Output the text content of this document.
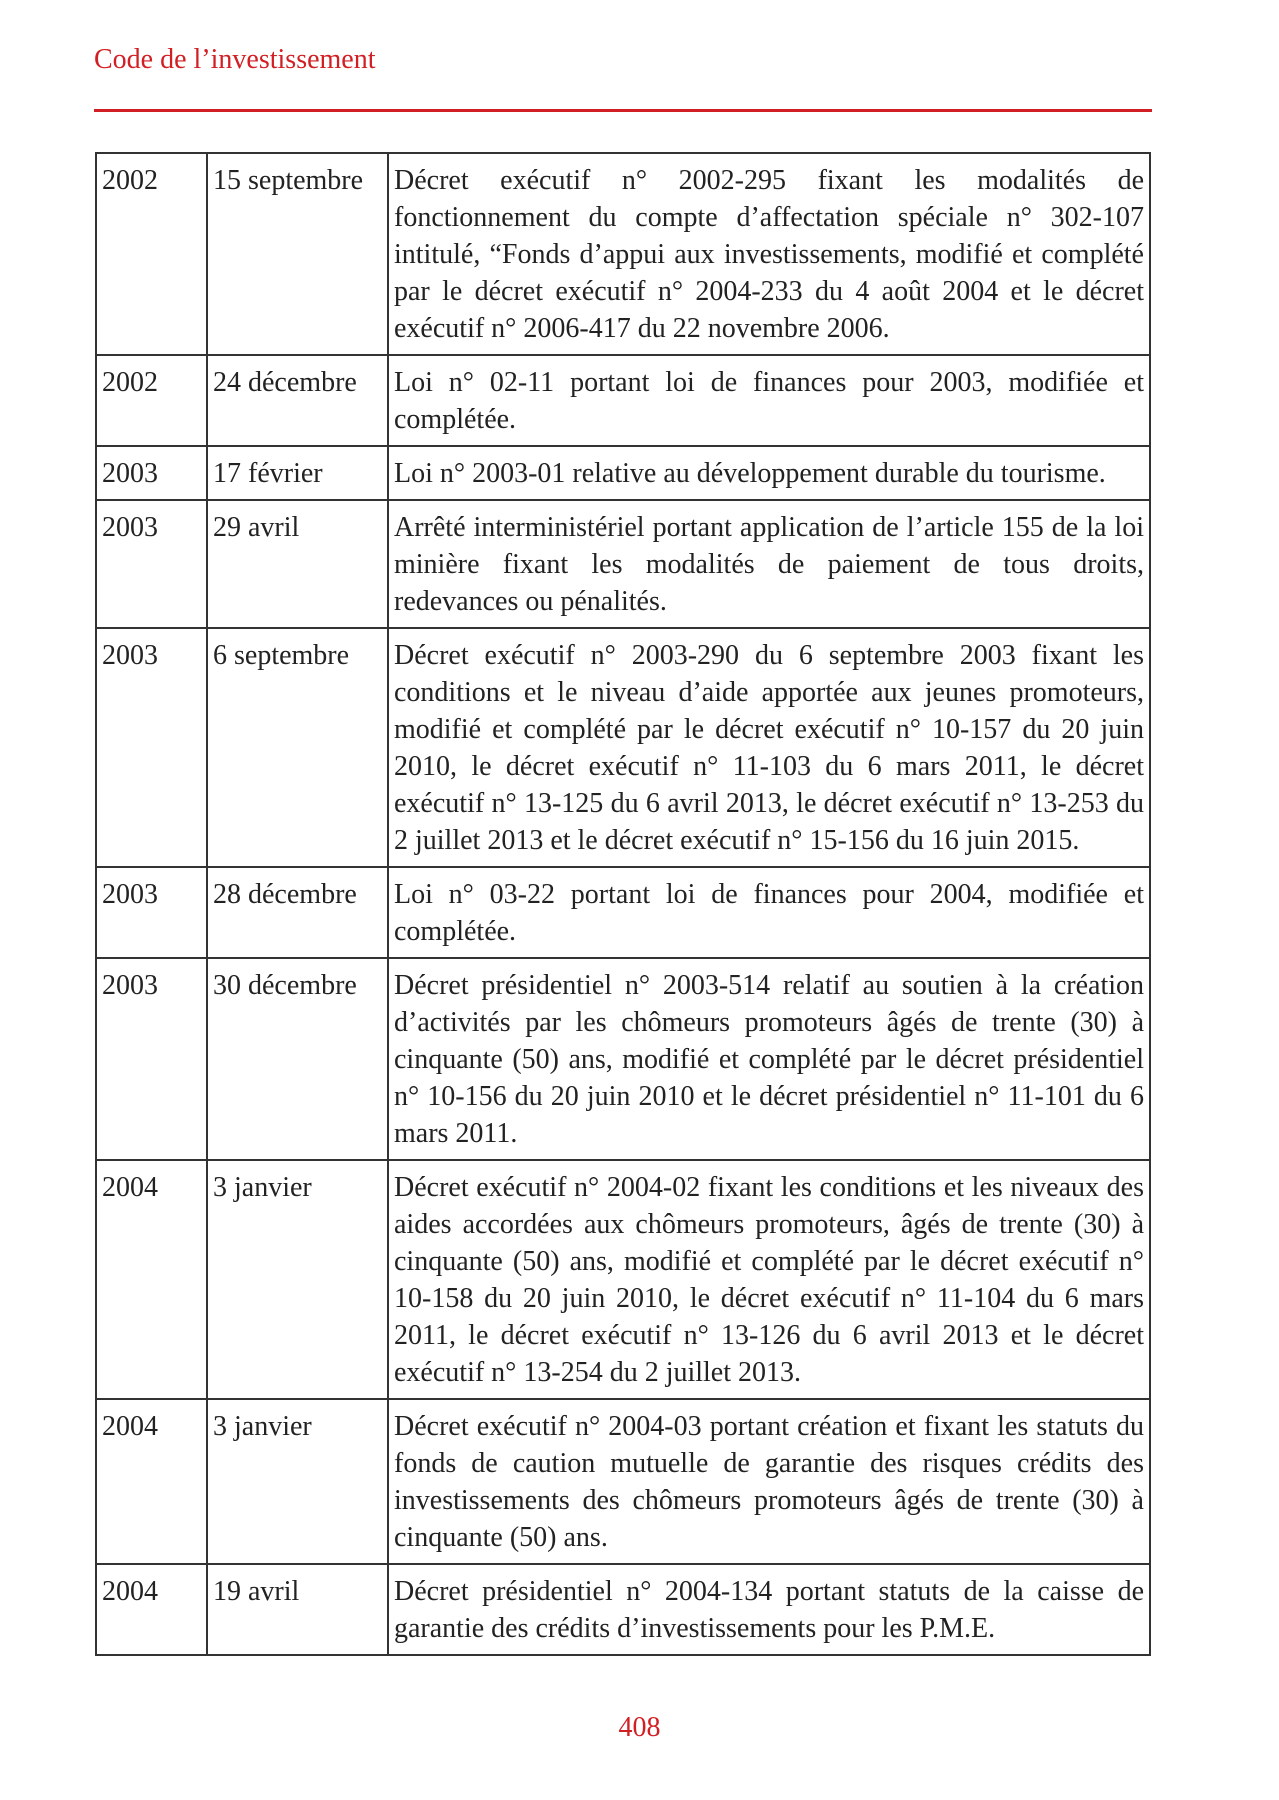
Code de l’investissement
2002	15 septembre	Décret exécutif n° 2002-295 fixant les modalités de fonctionnement du compte d’affectation spéciale n° 302-107 intitulé, “Fonds d’appui aux investissements, modifié et complété par le décret exécutif n° 2004-233 du 4 août 2004 et le décret exécutif n° 2006-417 du 22 novembre 2006.
2002	24 décembre	Loi n° 02-11 portant loi de finances pour 2003, modifiée et complétée.
2003	17 février	Loi n° 2003-01 relative au développement durable du tourisme.
2003	29 avril	Arrêté interministériel portant application de l’article 155 de la loi minière fixant les modalités de paiement de tous droits, redevances ou pénalités.
2003	6 septembre	Décret exécutif n° 2003-290 du 6 septembre 2003 fixant les conditions et le niveau d’aide apportée aux jeunes promoteurs, modifié et complété par le décret exécutif n° 10-157 du 20 juin 2010, le décret exécutif n° 11-103 du 6 mars 2011, le décret exécutif n° 13-125 du 6 avril 2013, le décret exécutif n° 13-253 du 2 juillet 2013 et le décret exécutif n° 15-156 du 16 juin 2015.
2003	28 décembre	Loi n° 03-22 portant loi de finances pour 2004, modifiée et complétée.
2003	30 décembre	Décret présidentiel n° 2003-514 relatif au soutien à la création d’activités par les chômeurs promoteurs âgés de trente (30) à cinquante (50) ans, modifié et complété par le décret présidentiel n° 10-156 du 20 juin 2010 et le décret présidentiel n° 11-101 du 6 mars 2011.
2004	3 janvier	Décret exécutif n° 2004-02 fixant les conditions et les niveaux des aides accordées aux chômeurs promoteurs, âgés de trente (30) à cinquante (50) ans, modifié et complété par le décret exécutif n° 10-158 du 20 juin 2010, le décret exécutif n° 11-104 du 6 mars 2011, le décret exécutif n° 13-126 du 6 avril 2013 et le décret exécutif n° 13-254 du 2 juillet 2013.
2004	3 janvier	Décret exécutif n° 2004-03 portant création et fixant les statuts du fonds de caution mutuelle de garantie des risques crédits des investissements des chômeurs promoteurs âgés de trente (30) à cinquante (50) ans.
2004	19 avril	Décret présidentiel n° 2004-134 portant statuts de la caisse de garantie des crédits d’investissements pour les P.M.E.
408
